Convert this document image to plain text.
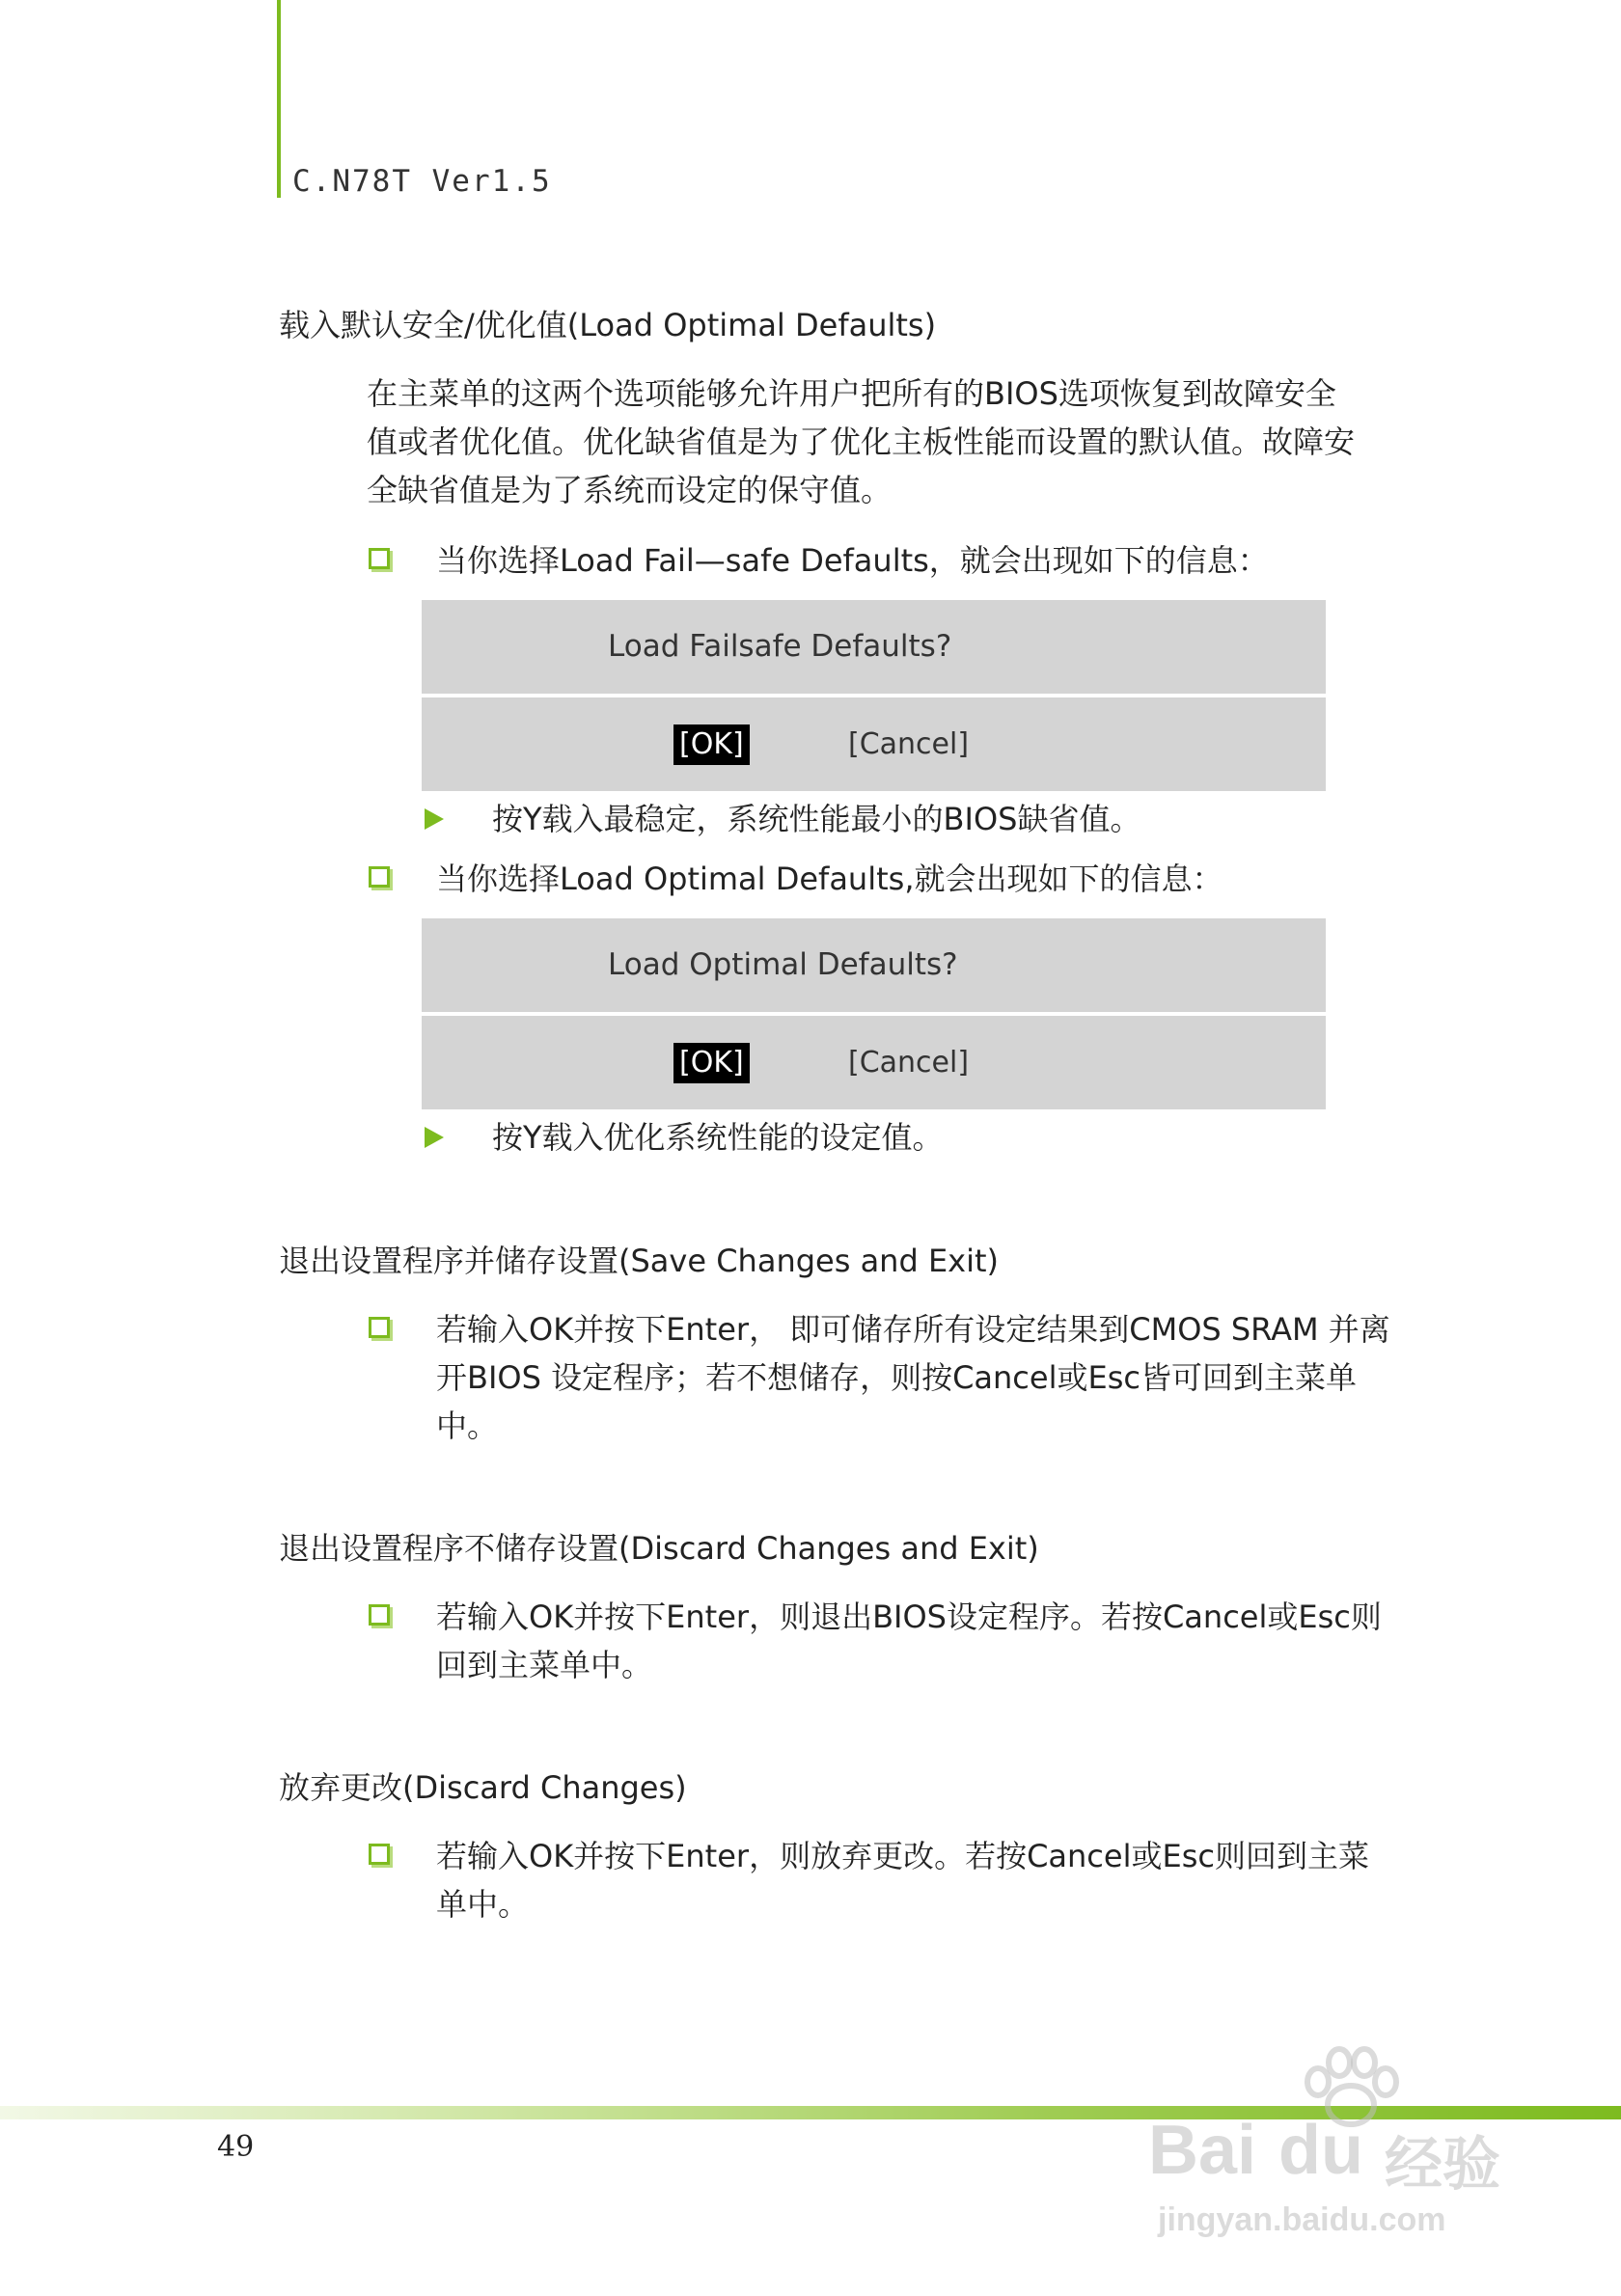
C.N78T Ver1.5
载入默认安全/优化值(Load Optimal Defaults)
在主菜单的这两个选项能够允许用户把所有的BIOS选项恢复到故障安全
值或者优化值。优化缺省值是为了优化主板性能而设置的默认值。故障安
全缺省值是为了系统而设定的保守值。
当你选择Load Fail—safe Defaults，就会出现如下的信息：
Load Failsafe Defaults?
[OK]	[Cancel]
按Y载入最稳定，系统性能最小的BIOS缺省值。
当你选择Load Optimal Defaults,就会出现如下的信息：
Load Optimal Defaults?
[OK]	[Cancel]
按Y载入优化系统性能的设定值。
退出设置程序并储存设置(Save Changes and Exit)
若输入OK并按下Enter， 即可储存所有设定结果到CMOS SRAM 并离
开BIOS 设定程序；若不想储存，则按Cancel或Esc皆可回到主菜单
中。
退出设置程序不储存设置(Discard Changes and Exit)
若输入OK并按下Enter，则退出BIOS设定程序。若按Cancel或Esc则
回到主菜单中。
放弃更改(Discard Changes)
若输入OK并按下Enter，则放弃更改。若按Cancel或Esc则回到主菜
单中。
49	Bai du 经验
jingyan.baidu.com
